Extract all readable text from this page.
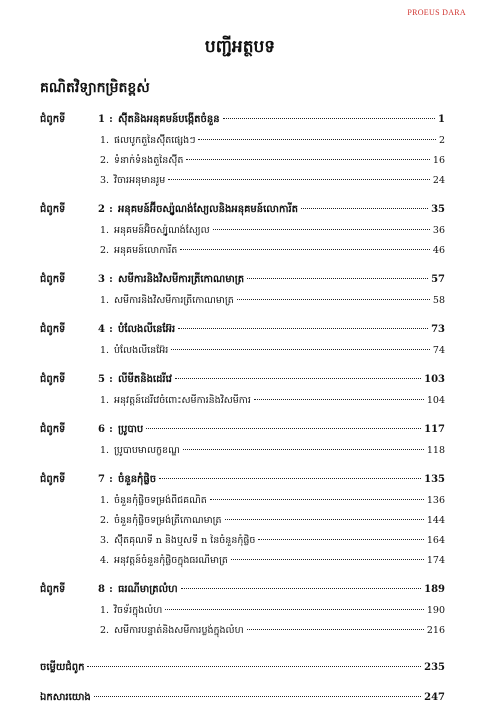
PROEUS DARA
បញ្ជីអត្ថបទ
គណិតវិទ្យាកម្រិតខ្ពស់
ជំពូកទី	1 : ស៊ុីតនិងអនុគមន៍បង្កើតចំនួន	1
1. ផលបូកតួនៃស៊ុីតផ្សេងៗ	2
2. ទំនាក់ទំនងតួនៃស៊ុីត	16
3. វិចារអនុមានរូម	24
ជំពូកទី	2 : អនុគមន៍អ៊ីចស្ប៉ូណង់ស្យែលនិងអនុគមន៍លោការីត	35
1. អនុគមន៍អ៊ិចស្ប៉ូណង់ស្យែល	36
2. អនុគមន៍លោការីត	46
ជំពូកទី	3 : សមីការនិងវិសមីការត្រីកោណមាត្រ	57
1. សមីការនិងវិសមីការត្រីកោណមាត្រ	58
ជំពូកទី	4 : បំលែងលីនេអ៊ែរ	73
1. បំលែងលីនេអ៊ែរ	74
ជំពូកទី	5 : លីមីតនិងដេរីវេ	103
1. អនុវត្តន៍ដេរីវេចំពោះសមីការនិងវិសមីការ	104
ជំពូកទី	6 : ប្រូបាប	117
1. ប្រូបាបមាលក្ខខណ្ឌ	118
ជំពូកទី	7 : ចំនួនកុំផ្លិច	135
1. ចំនួនកុំផ្លិចទម្រង់ពីជគណិត	136
2. ចំនួនកុំផ្លិចទម្រង់ត្រីកោណមាត្រ	144
3. ស៊ុីតគុណទី n និងឬសទី n នៃចំនួនកុំផ្លិច	164
4. អនុវត្តន៍ចំនួនកុំផ្លិចក្នុងធរណីមាត្រ	174
ជំពូកទី	8 : ធរណីមាត្រលំហ	189
1. វិចទ័រក្នុងលំហ	190
2. សមីការបន្ទាត់និងសមីការប្លង់ក្នុងលំហ	216
ចម្លើយជំពូក	235
ឯកសារយោង	247
